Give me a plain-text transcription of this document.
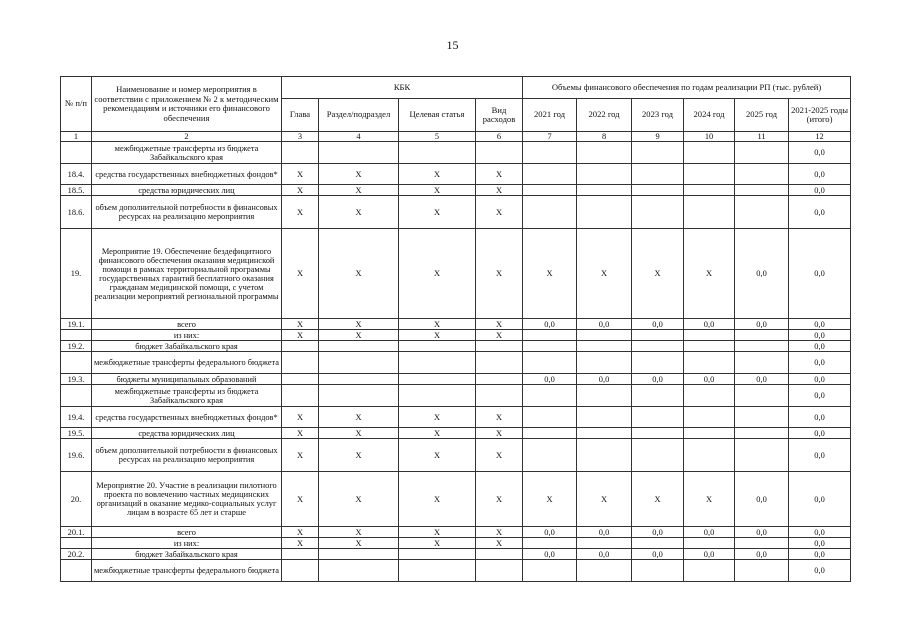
15
№ п/п	Наименование и номер мероприятия в соответствии с приложением № 2 к методическим рекомендациям и источники его финансового обеспечения	КБК				Объемы финансового обеспечения по годам реализации РП (тыс. рублей)					
		Глава	Раздел/подраздел	Целевая статья	Вид расходов	2021 год	2022 год	2023 год	2024 год	2025 год	2021-2025 годы (итого)
1	2	3	4	5	6	7	8	9	10	11	12
	межбюджетные трансферты из бюджета Забайкальского края										0,0
18.4.	средства государственных внебюджетных фондов*	X	X	X	X						0,0
18.5.	средства юридических лиц	X	X	X	X						0,0
18.6.	объем дополнительной потребности в финансовых ресурсах на реализацию мероприятия	X	X	X	X						0,0
19.	Мероприятие 19. Обеспечение бездефицитного финансового обеспечения оказания медицинской помощи в рамках территориальной программы государственных гарантий бесплатного оказания гражданам медицинской помощи, с учетом реализации мероприятий региональной программы	X	X	X	X	X	X	X	X	0,0	0,0
19.1.	всего	X	X	X	X	0,0	0,0	0,0	0,0	0,0	0,0
	из них:	X	X	X	X						0,0
19.2.	бюджет Забайкальского края										0,0
	межбюджетные трансферты федерального бюджета										0,0
19.3.	бюджеты муниципальных образований					0,0	0,0	0,0	0,0	0,0	0,0
	межбюджетные трансферты из бюджета Забайкальского края										0,0
19.4.	средства государственных внебюджетных фондов*	X	X	X	X						0,0
19.5.	средства юридических лиц	X	X	X	X						0,0
19.6.	объем дополнительной потребности в финансовых ресурсах на реализацию мероприятия	X	X	X	X						0,0
20.	Мероприятие 20. Участие в реализации пилотного проекта по вовлечению частных медицинских организаций в оказание медико-социальных услуг лицам в возрасте 65 лет и старше	X	X	X	X	X	X	X	X	0,0	0,0
20.1.	всего	X	X	X	X	0,0	0,0	0,0	0,0	0,0	0,0
	из них:	X	X	X	X						0,0
20.2.	бюджет Забайкальского края					0,0	0,0	0,0	0,0	0,0	0,0
	межбюджетные трансферты федерального бюджета										0,0
